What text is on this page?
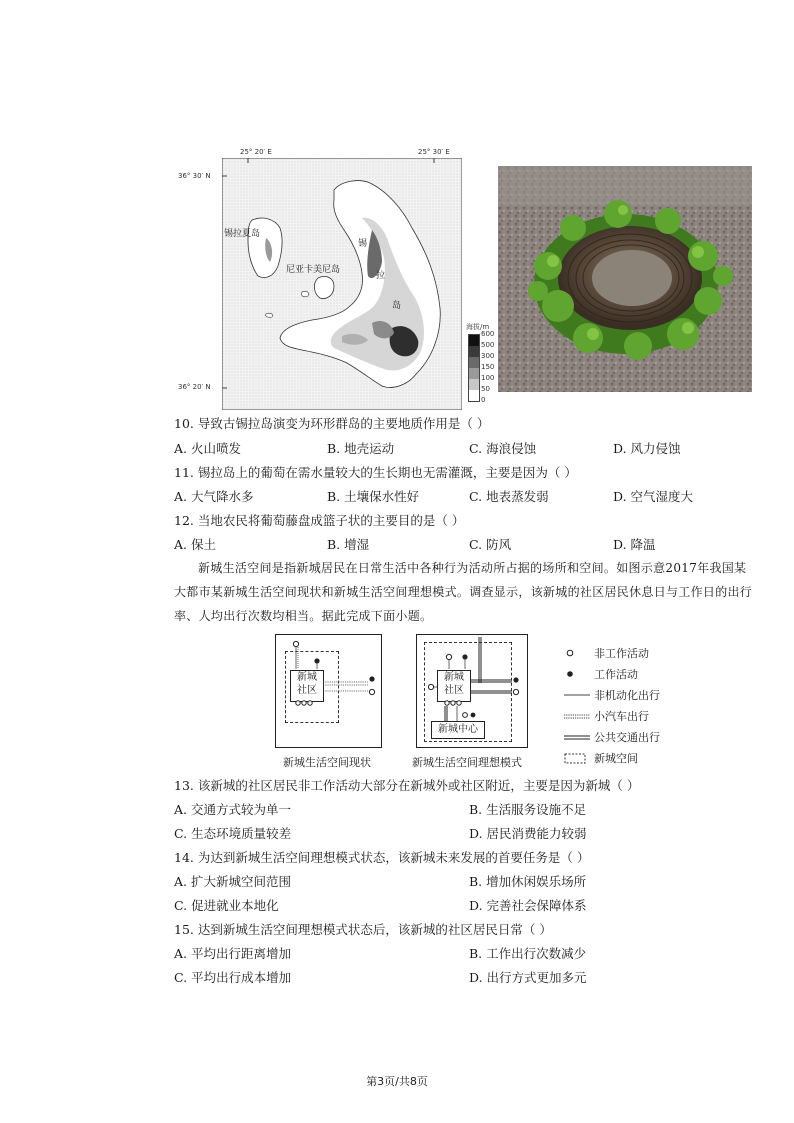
25° 20′ E	25° 30′ E
36° 30′ N
36° 20′ N
锡拉夏岛
尼亚卡美尼岛
锡
拉
岛
海拔/m
600
500
300
150
100
50
0
10. 导致古锡拉岛演变为环形群岛的主要地质作用是（ ）
A. 火山喷发	B. 地壳运动	C. 海浪侵蚀	D. 风力侵蚀
11. 锡拉岛上的葡萄在需水量较大的生长期也无需灌溉，主要是因为（ ）
A. 大气降水多	B. 土壤保水性好	C. 地表蒸发弱	D. 空气湿度大
12. 当地农民将葡萄藤盘成篮子状的主要目的是（ ）
A. 保土	B. 增湿	C. 防风	D. 降温
新城生活空间是指新城居民在日常生活中各种行为活动所占据的场所和空间。如图示意2017年我国某大都市某新城生活空间现状和新城生活空间理想模式。调查显示，该新城的社区居民休息日与工作日的出行率、人均出行次数均相当。据此完成下面小题。
新城
社区
新城生活空间现状
新城
社区
新城中心
新城生活空间理想模式
非工作活动
工作活动
非机动化出行
小汽车出行
公共交通出行
新城空间
13. 该新城的社区居民非工作活动大部分在新城外或社区附近，主要是因为新城（ ）
A. 交通方式较为单一	B. 生活服务设施不足
C. 生态环境质量较差	D. 居民消费能力较弱
14. 为达到新城生活空间理想模式状态，该新城未来发展的首要任务是（ ）
A. 扩大新城空间范围	B. 增加休闲娱乐场所
C. 促进就业本地化	D. 完善社会保障体系
15. 达到新城生活空间理想模式状态后，该新城的社区居民日常（ ）
A. 平均出行距离增加	B. 工作出行次数减少
C. 平均出行成本增加	D. 出行方式更加多元
第3页/共8页
